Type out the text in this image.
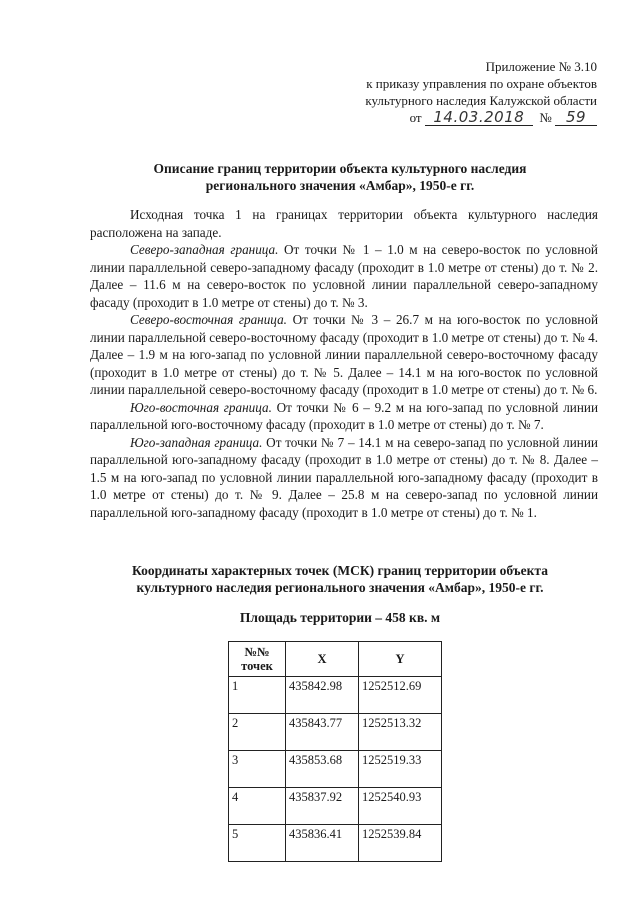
Приложение № 3.10
к приказу управления по охране объектов
культурного наследия Калужской области
от 14.03.2018 № 59
Описание границ территории объекта культурного наследия
регионального значения «Амбар», 1950-е гг.

Исходная точка 1 на границах территории объекта культурного наследия расположена на западе.

Северо-западная граница. От точки № 1 – 1.0 м на северо-восток по условной линии параллельной северо-западному фасаду (проходит в 1.0 метре от стены) до т. № 2. Далее – 11.6 м на северо-восток по условной линии параллельной северо-западному фасаду (проходит в 1.0 метре от стены) до т. № 3.

Северо-восточная граница. От точки № 3 – 26.7 м на юго-восток по условной линии параллельной северо-восточному фасаду (проходит в 1.0 метре от стены) до т. № 4. Далее – 1.9 м на юго-запад по условной линии параллельной северо-восточному фасаду (проходит в 1.0 метре от стены) до т. № 5. Далее – 14.1 м на юго-восток по условной линии параллельной северо-восточному фасаду (проходит в 1.0 метре от стены) до т. № 6.

Юго-восточная граница. От точки № 6 – 9.2 м на юго-запад по условной линии параллельной юго-восточному фасаду (проходит в 1.0 метре от стены) до т. № 7.

Юго-западная граница. От точки № 7 – 14.1 м на северо-запад по условной линии параллельной юго-западному фасаду (проходит в 1.0 метре от стены) до т. № 8. Далее – 1.5 м на юго-запад по условной линии параллельной юго-западному фасаду (проходит в 1.0 метре от стены) до т. № 9. Далее – 25.8 м на северо-запад по условной линии параллельной юго-западному фасаду (проходит в 1.0 метре от стены) до т. № 1.

Координаты характерных точек (МСК) границ территории объекта
культурного наследия регионального значения «Амбар», 1950-е гг.
Площадь территории – 458 кв. м
№№
точек	X	Y
1	435842.98	1252512.69
2	435843.77	1252513.32
3	435853.68	1252519.33
4	435837.92	1252540.93
5	435836.41	1252539.84
